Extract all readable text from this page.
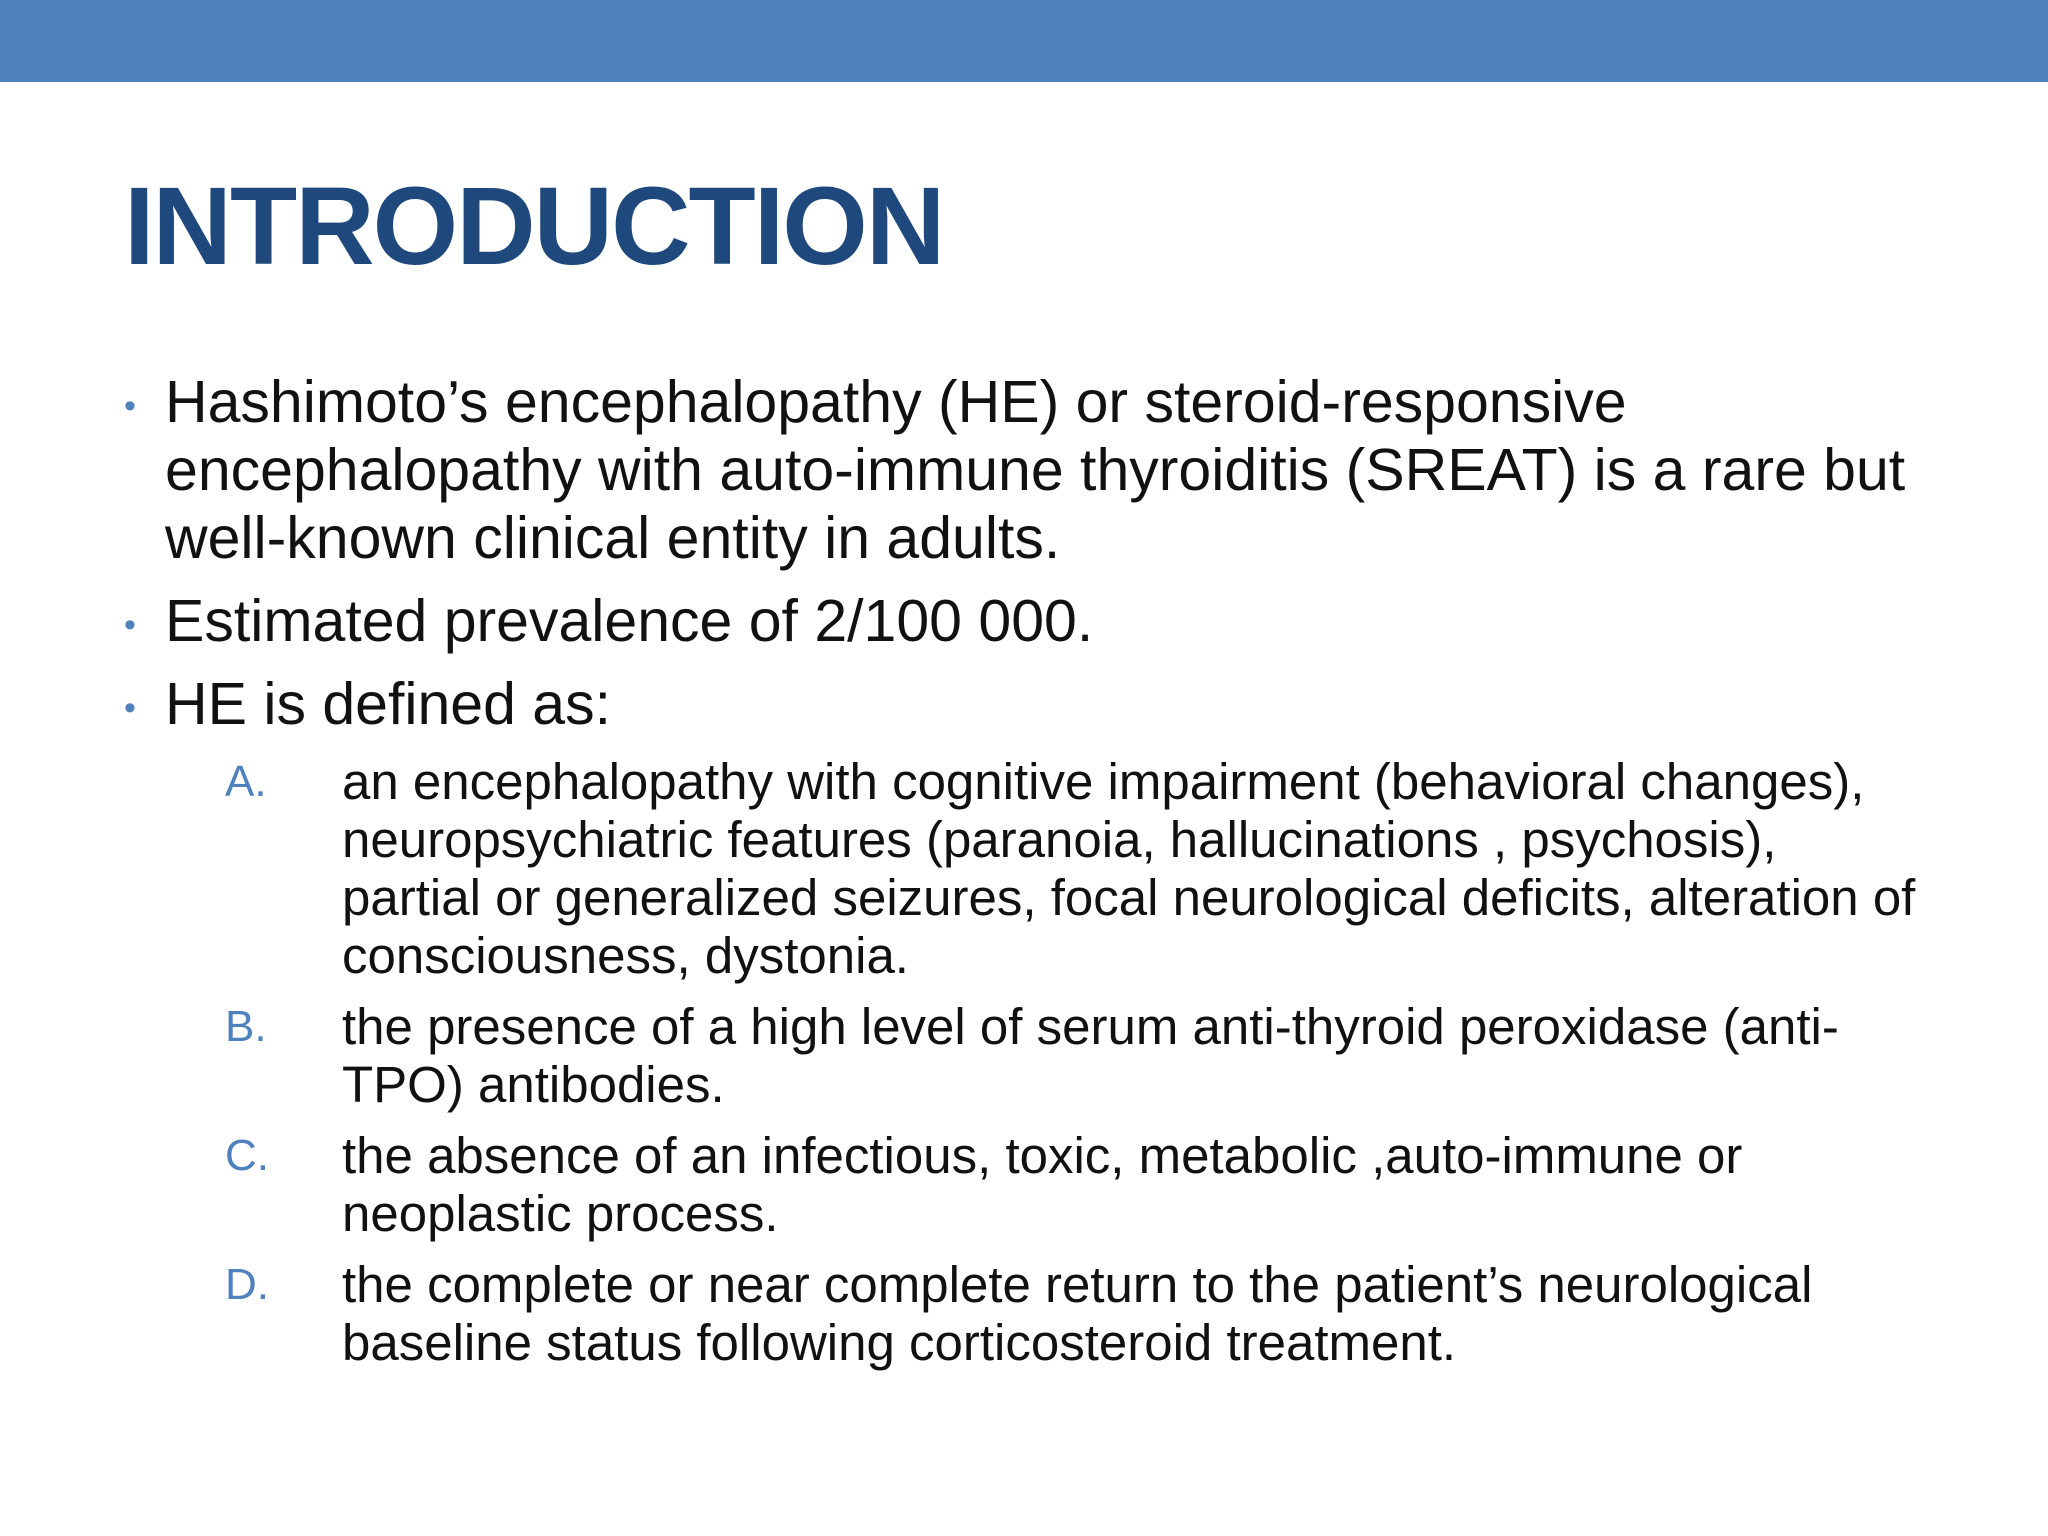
INTRODUCTION
• Hashimoto’s encephalopathy (HE) or steroid-responsive encephalopathy with auto-immune thyroiditis (SREAT) is a rare but well-known clinical entity in adults.
• Estimated prevalence of 2/100 000.
• HE is defined as:
A. an encephalopathy with cognitive impairment (behavioral changes), neuropsychiatric features (paranoia, hallucinations , psychosis), partial or generalized seizures, focal neurological deficits, alteration of consciousness, dystonia.
B. the presence of a high level of serum anti-thyroid peroxidase (anti-TPO) antibodies.
C. the absence of an infectious, toxic, metabolic ,auto-immune or neoplastic process.
D. the complete or near complete return to the patient’s neurological baseline status following corticosteroid treatment.
